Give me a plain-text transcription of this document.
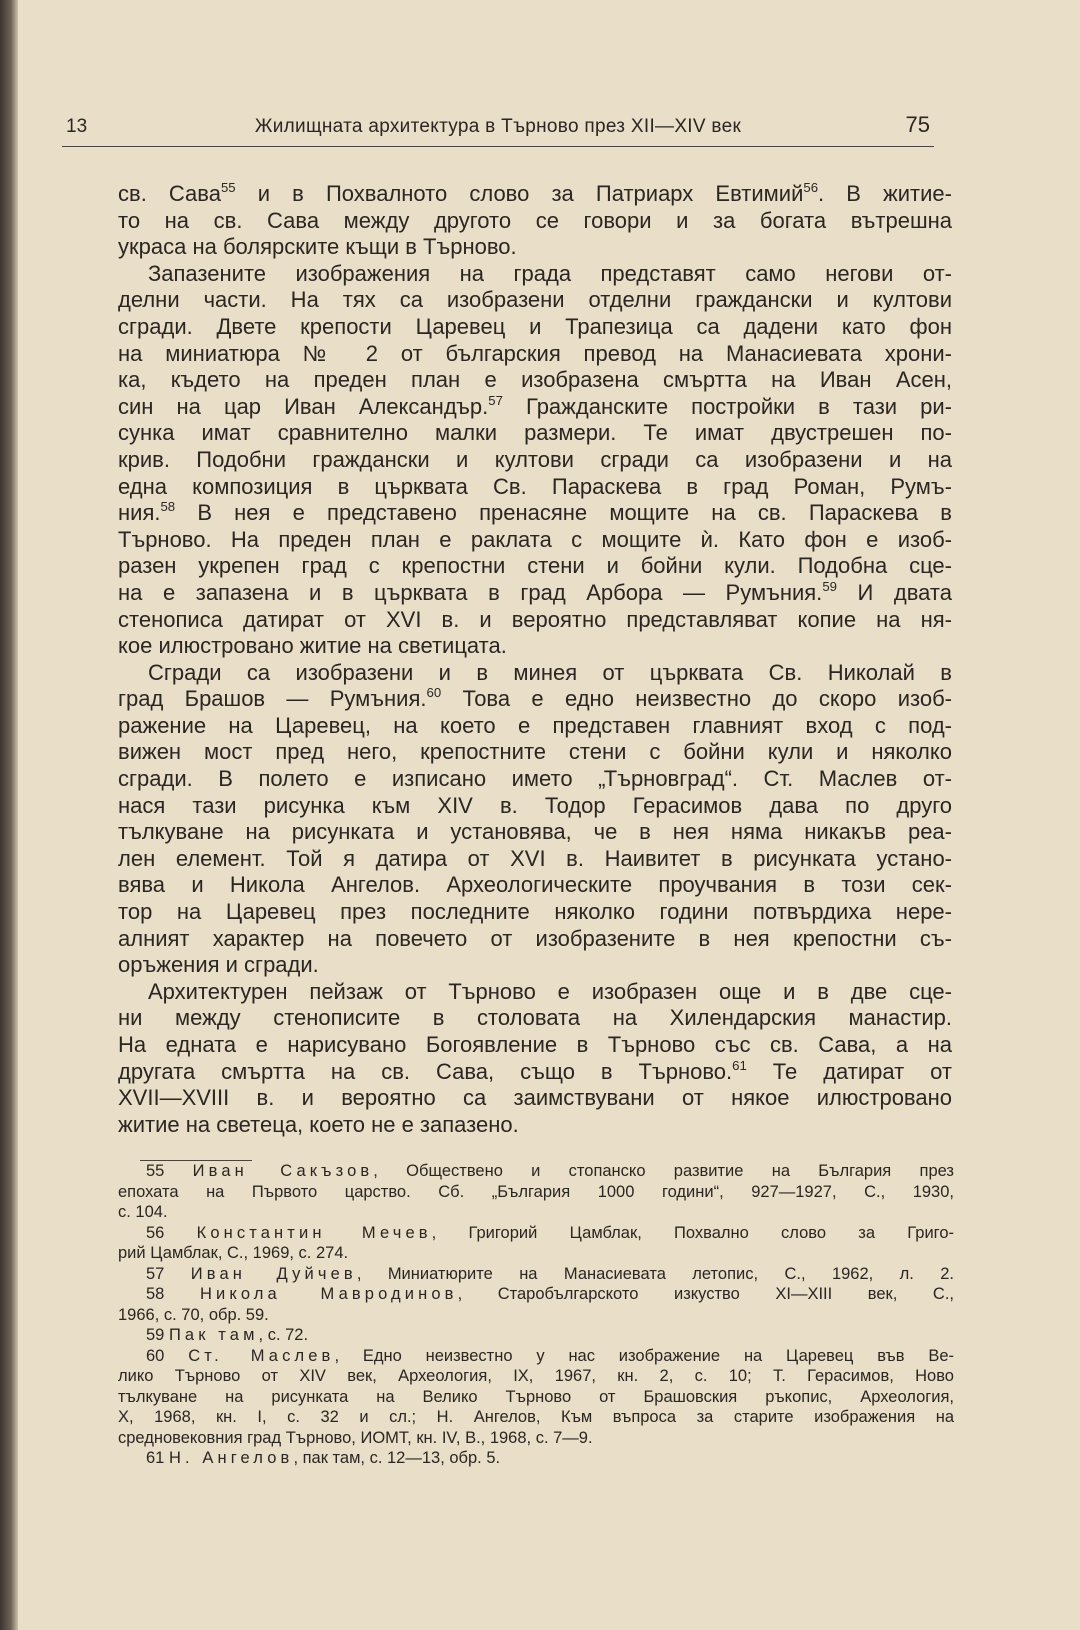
13	Жилищната архитектура в Търново през XII—XIV век	75
св. Сава$^{55}$ и в Похвалното слово за Патриарх Евтимий$^{56}$. В житие-
то на св. Сава между другото се говори и за богата вътрешна
украса на болярските къщи в Търново.
Запазените изображения на града представят само негови от-
делни части. На тях са изобразени отделни граждански и култови
сгради. Двете крепости Царевец и Трапезица са дадени като фон
на миниатюра № 2 от българския превод на Манасиевата хрони-
ка, където на преден план е изобразена смъртта на Иван Асен,
син на цар Иван Александър.$^{57}$ Гражданските постройки в тази ри-
сунка имат сравнително малки размери. Те имат двустрешен по-
крив. Подобни граждански и култови сгради са изобразени и на
една композиция в църквата Св. Параскева в град Роман, Румъ-
ния.$^{58}$ В нея е представено пренасяне мощите на св. Параскева в
Търново. На преден план е раклата с мощите ѝ. Като фон е изоб-
разен укрепен град с крепостни стени и бойни кули. Подобна сце-
на е запазена и в църквата в град Арбора — Румъния.$^{59}$ И двата
стенописа датират от XVI в. и вероятно представляват копие на ня-
кое илюстровано житие на светицата.
Сгради са изобразени и в минея от църквата Св. Николай в
град Брашов — Румъния.$^{60}$ Това е едно неизвестно до скоро изоб-
ражение на Царевец, на което е представен главният вход с под-
вижен мост пред него, крепостните стени с бойни кули и няколко
сгради. В полето е изписано името „Търновград“. Ст. Маслев от-
нася тази рисунка към XIV в. Тодор Герасимов дава по друго
тълкуване на рисунката и установява, че в нея няма никакъв реа-
лен елемент. Той я датира от XVI в. Наивитет в рисунката устано-
вява и Никола Ангелов. Археологическите проучвания в този сек-
тор на Царевец през последните няколко години потвърдиха нере-
алният характер на повечето от изобразените в нея крепостни съ-
оръжения и сгради.
Архитектурен пейзаж от Търново е изобразен още и в две сце-
ни между стенописите в столовата на Хилендарския манастир.
На едната е нарисувано Богоявление в Търново със св. Сава, а на
другата смъртта на св. Сава, също в Търново.$^{61}$ Те датират от
XVII—XVIII в. и вероятно са заимствувани от някое илюстровано
житие на светеца, което не е запазено.
55 Иван Сакъзов, Обществено и стопанско развитие на България през
епохата на Първото царство. Сб. „България 1000 години“, 927—1927, С., 1930,
с. 104.
56 Константин Мечев, Григорий Цамблак, Похвално слово за Григо-
рий Цамблак, С., 1969, с. 274.
57 Иван Дуйчев, Миниатюрите на Манасиевата летопис, С., 1962, л. 2.
58 Никола Мавродинов, Старобългарското изкуство XI—XIII век, С.,
1966, с. 70, обр. 59.
59 Пак там, с. 72.
60 Ст. Маслев, Едно неизвестно у нас изображение на Царевец във Ве-
лико Търново от XIV век, Археология, IX, 1967, кн. 2, с. 10; Т. Герасимов, Ново
тълкуване на рисунката на Велико Търново от Брашовския ръкопис, Археология,
X, 1968, кн. I, с. 32 и сл.; Н. Ангелов, Към въпроса за старите изображения на
средновековния град Търново, ИОМТ, кн. IV, В., 1968, с. 7—9.
61 Н. Ангелов, пак там, с. 12—13, обр. 5.
